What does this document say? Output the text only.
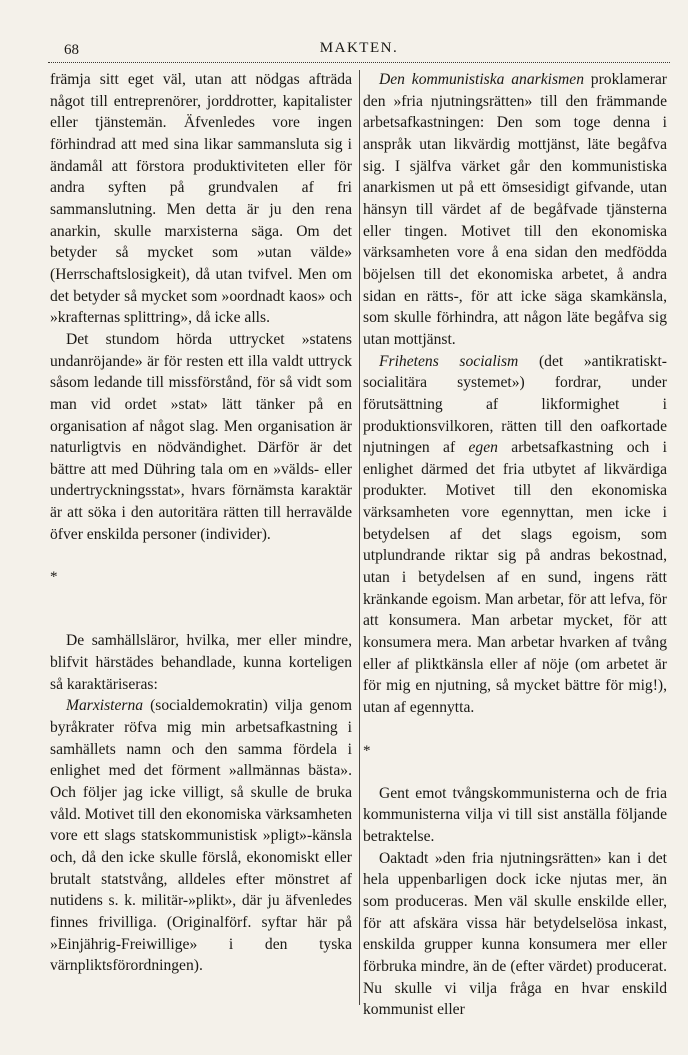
68	MAKTEN.

främja sitt eget väl, utan att nödgas afträda något till entreprenörer, jorddrotter, kapitalister eller tjänstemän. Äfvenledes vore ingen förhindrad att med sina likar sammansluta sig i ändamål att förstora produktiviteten eller för andra syften på grundvalen af fri sammanslutning. Men detta är ju den rena anarkin, skulle marxisterna säga. Om det betyder så mycket som »utan välde» (Herrschaftslosigkeit), då utan tvifvel. Men om det betyder så mycket som »oordnadt kaos» och »krafternas splittring», då icke alls.

Det stundom hörda uttrycket »statens undanröjande» är för resten ett illa valdt uttryck såsom ledande till missförstånd, för så vidt som man vid ordet »stat» lätt tänker på en organisation af något slag. Men organisation är naturligtvis en nödvändighet. Därför är det bättre att med Dühring tala om en »välds- eller undertryckningsstat», hvars förnämsta karaktär är att söka i den autoritära rätten till herravälde öfver enskilda personer (individer).

*

De samhällsläror, hvilka, mer eller mindre, blifvit härstädes behandlade, kunna korteligen så karaktäriseras:

Marxisterna (socialdemokratin) vilja genom byråkrater röfva mig min arbetsafkastning i samhällets namn och den samma fördela i enlighet med det förment »allmännas bästa». Och följer jag icke villigt, så skulle de bruka våld. Motivet till den ekonomiska värksamheten vore ett slags statskommunistisk »pligt»-känsla och, då den icke skulle förslå, ekonomiskt eller brutalt statstvång, alldeles efter mönstret af nutidens s. k. militär-»plikt», där ju äfvenledes finnes frivilliga. (Originalförf. syftar här på »Einjährig-Freiwillige» i den tyska värnpliktsförordningen).

Den kommunistiska anarkismen proklamerar den »fria njutningsrätten» till den främmande arbetsafkastningen: Den som toge denna i anspråk utan likvärdig mottjänst, läte begåfva sig. I själfva värket går den kommunistiska anarkismen ut på ett ömsesidigt gifvande, utan hänsyn till värdet af de begåfvade tjänsterna eller tingen. Motivet till den ekonomiska värksamheten vore å ena sidan den medfödda böjelsen till det ekonomiska arbetet, å andra sidan en rätts-, för att icke säga skamkänsla, som skulle förhindra, att någon läte begåfva sig utan mottjänst.

Frihetens socialism (det »antikratiskt-socialitära systemet») fordrar, under förutsättning af likformighet i produktionsvilkoren, rätten till den oafkortade njutningen af egen arbetsafkastning och i enlighet därmed det fria utbytet af likvärdiga produkter. Motivet till den ekonomiska värksamheten vore egennyttan, men icke i betydelsen af det slags egoism, som utplundrande riktar sig på andras bekostnad, utan i betydelsen af en sund, ingens rätt kränkande egoism. Man arbetar, för att lefva, för att konsumera. Man arbetar mycket, för att konsumera mera. Man arbetar hvarken af tvång eller af pliktkänsla eller af nöje (om arbetet är för mig en njutning, så mycket bättre för mig!), utan af egennytta.

*

Gent emot tvångskommunisterna och de fria kommunisterna vilja vi till sist anställa följande betraktelse.

Oaktadt »den fria njutningsrätten» kan i det hela uppenbarligen dock icke njutas mer, än som produceras. Men väl skulle enskilde eller, för att afskära vissa här betydelselösa inkast, enskilda grupper kunna konsumera mer eller förbruka mindre, än de (efter värdet) producerat. Nu skulle vi vilja fråga en hvar enskild kommunist eller
